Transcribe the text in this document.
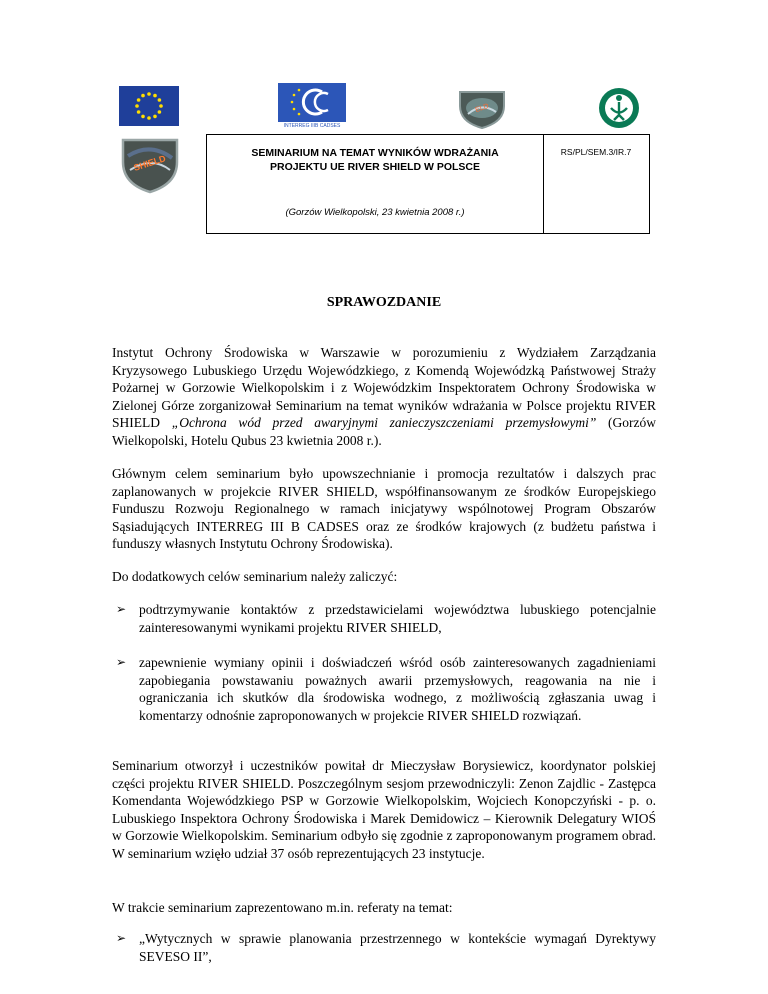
INTERREG IIIB CADSES
ELD
SHIELD
SEMINARIUM NA TEMAT WYNIKÓW WDRAŻANIA
PROJEKTU UE RIVER SHIELD W POLSCE
(Gorzów Wielkopolski, 23 kwietnia 2008 r.)
RS/PL/SEM.3/IR.7
SPRAWOZDANIE
Instytut Ochrony Środowiska w Warszawie w porozumieniu z Wydziałem Zarządzania Kryzysowego Lubuskiego Urzędu Wojewódzkiego, z Komendą Wojewódzką Państwowej Straży Pożarnej w Gorzowie Wielkopolskim i z Wojewódzkim Inspektoratem Ochrony Środowiska w Zielonej Górze zorganizował Seminarium na temat wyników wdrażania w Polsce projektu RIVER SHIELD „Ochrona wód przed awaryjnymi zanieczyszczeniami przemysłowymi” (Gorzów Wielkopolski, Hotelu Qubus 23 kwietnia 2008 r.).
Głównym celem seminarium było upowszechnianie i promocja rezultatów i dalszych prac zaplanowanych w projekcie RIVER SHIELD, współfinansowanym ze środków Europejskiego Funduszu Rozwoju Regionalnego w ramach inicjatywy wspólnotowej Program Obszarów Sąsiadujących INTERREG III B CADSES oraz ze środków krajowych (z budżetu państwa i funduszy własnych Instytutu Ochrony Środowiska).
Do dodatkowych celów seminarium należy zaliczyć:
➢ podtrzymywanie kontaktów z przedstawicielami województwa lubuskiego potencjalnie zainteresowanymi wynikami projektu RIVER SHIELD,
➢ zapewnienie wymiany opinii i doświadczeń wśród osób zainteresowanych zagadnieniami zapobiegania powstawaniu poważnych awarii przemysłowych, reagowania na nie i ograniczania ich skutków dla środowiska wodnego, z możliwością zgłaszania uwag i komentarzy odnośnie zaproponowanych w projekcie RIVER SHIELD rozwiązań.
Seminarium otworzył i uczestników powitał dr Mieczysław Borysiewicz, koordynator polskiej części projektu RIVER SHIELD. Poszczególnym sesjom przewodniczyli: Zenon Zajdlic - Zastępca Komendanta Wojewódzkiego PSP w Gorzowie Wielkopolskim, Wojciech Konopczyński - p. o. Lubuskiego Inspektora Ochrony Środowiska i Marek Demidowicz – Kierownik Delegatury WIOŚ w Gorzowie Wielkopolskim. Seminarium odbyło się zgodnie z zaproponowanym programem obrad. W seminarium wzięło udział 37 osób reprezentujących 23 instytucje.
W trakcie seminarium zaprezentowano m.in. referaty na temat:
➢ „Wytycznych w sprawie planowania przestrzennego w kontekście wymagań Dyrektywy SEVESO II”,
